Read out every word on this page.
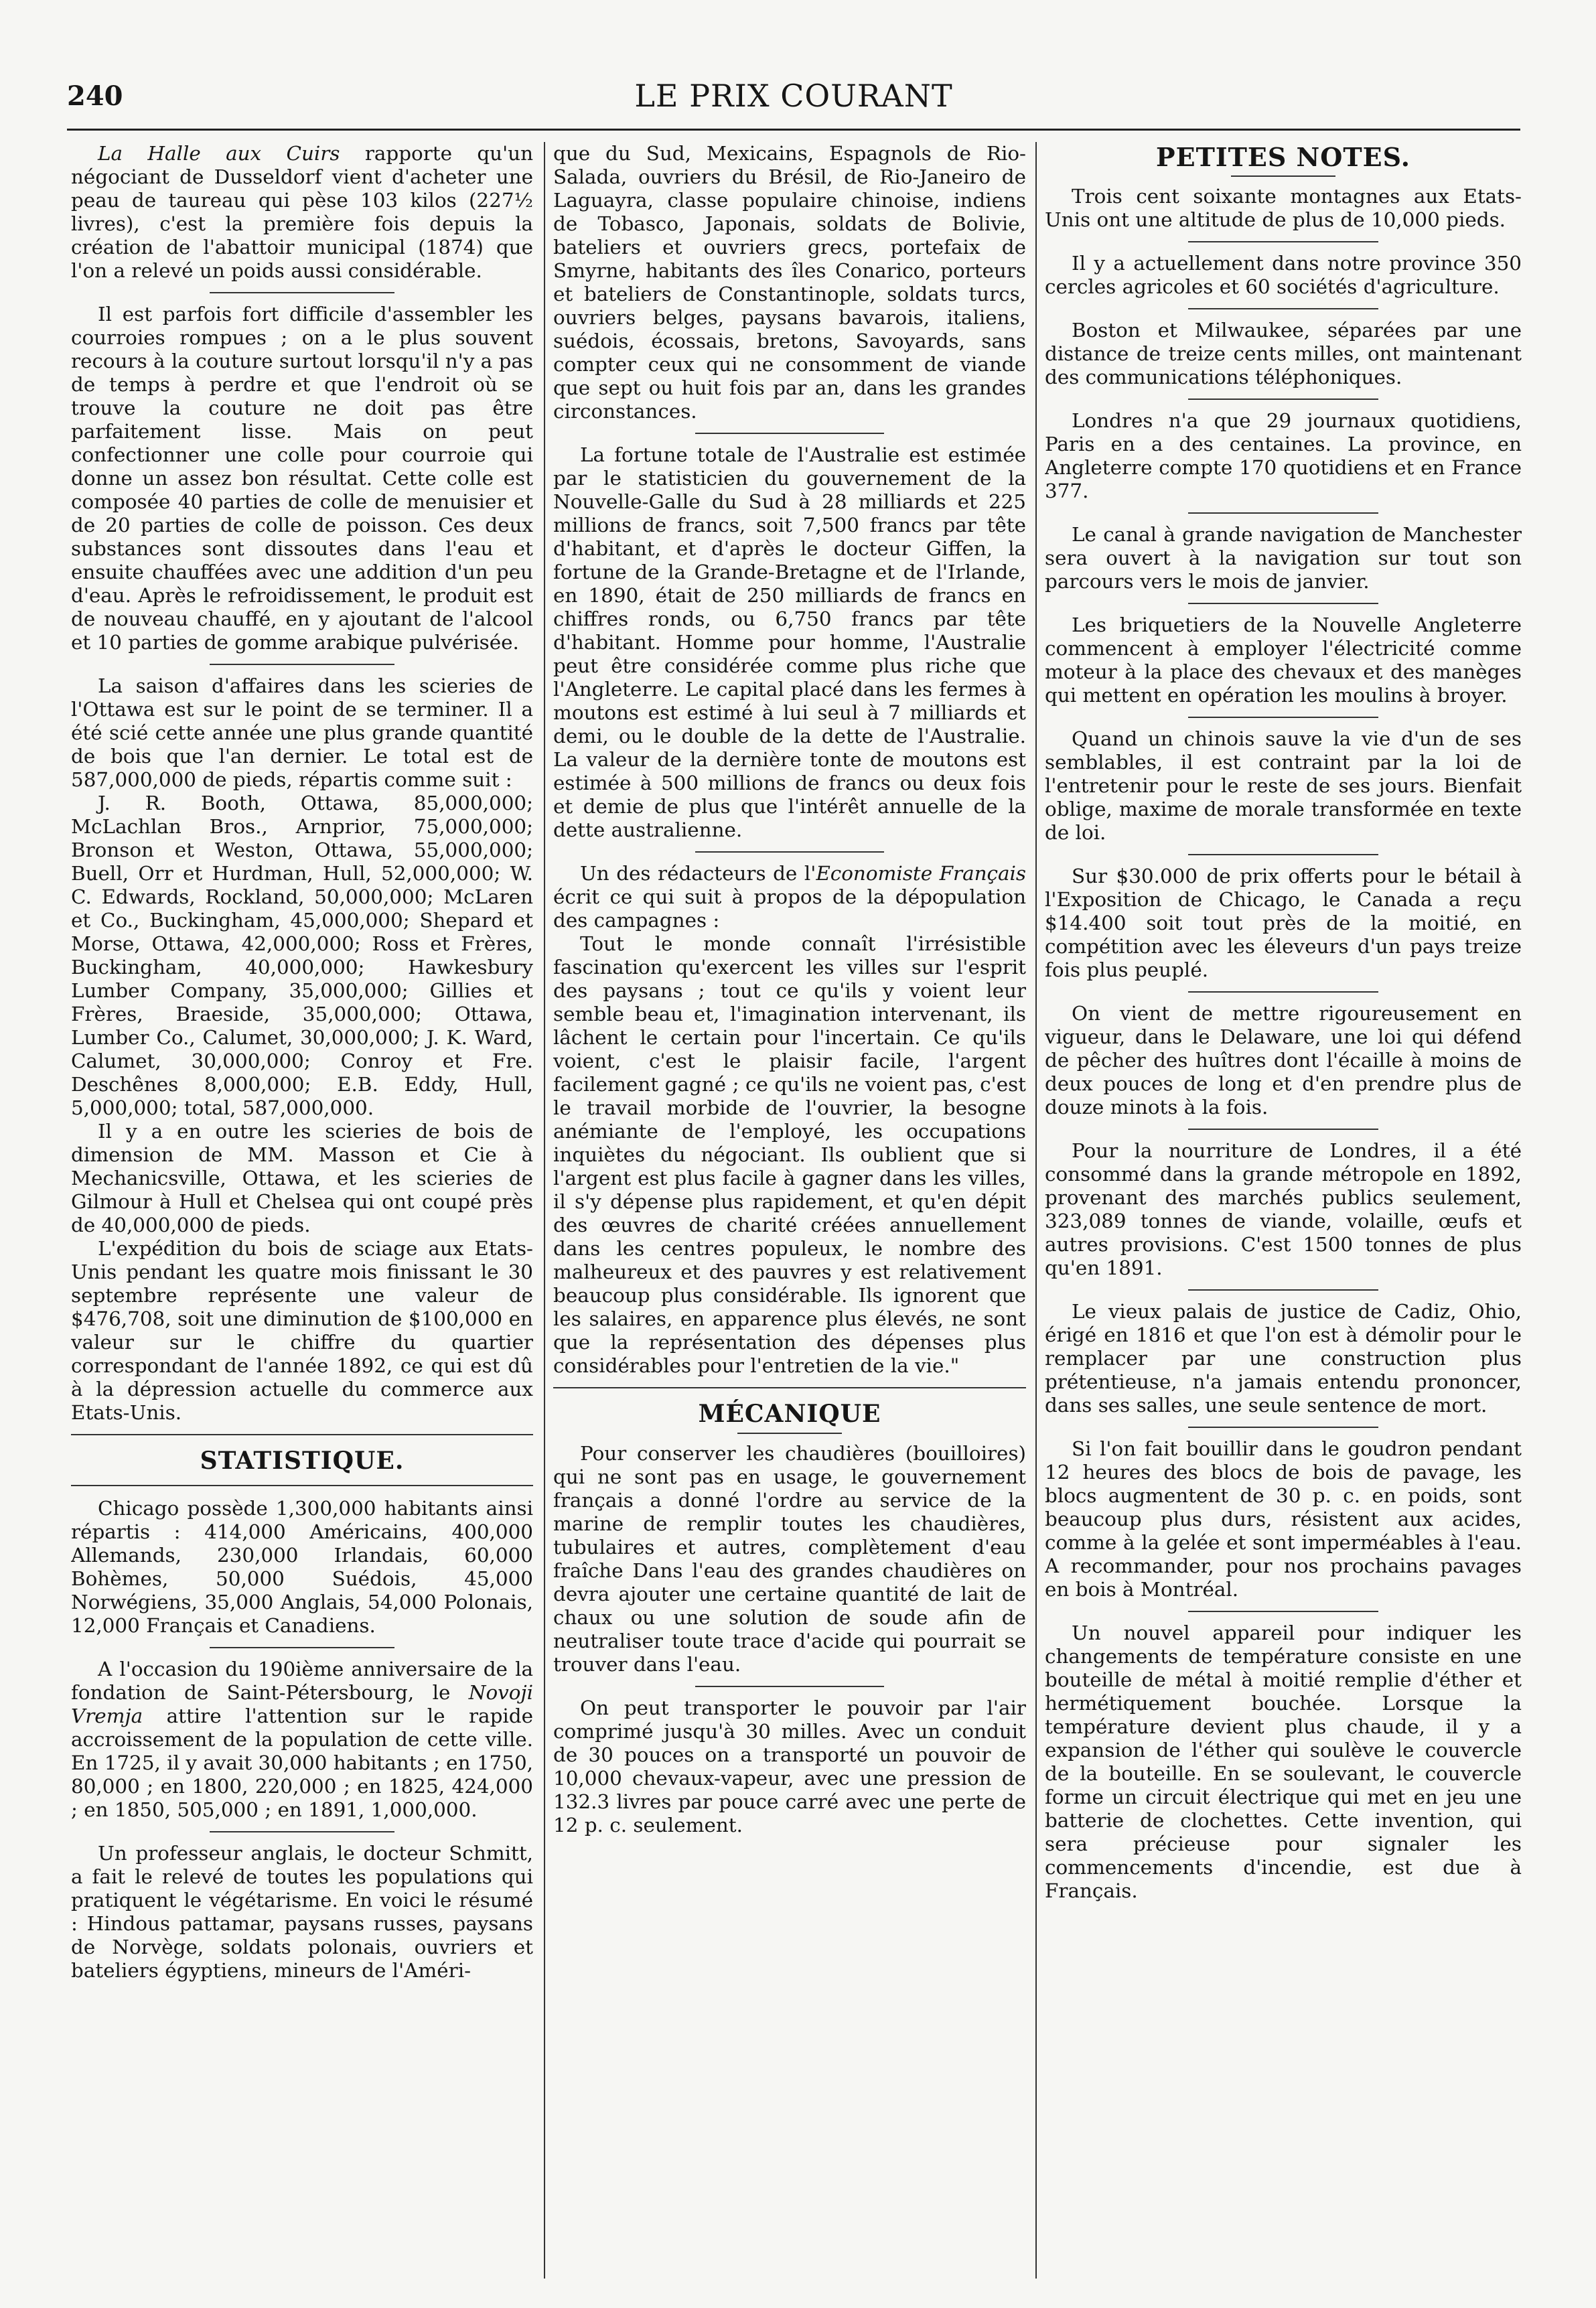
240	LE PRIX COURANT

La Halle aux Cuirs rapporte qu'un négociant de Dusseldorf vient d'acheter une peau de taureau qui pèse 103 kilos (227½ livres), c'est la première fois depuis la création de l'abattoir municipal (1874) que l'on a relevé un poids aussi considérable.

Il est parfois fort difficile d'assembler les courroies rompues ; on a le plus souvent recours à la couture surtout lorsqu'il n'y a pas de temps à perdre et que l'endroit où se trouve la couture ne doit pas être parfaitement lisse. Mais on peut confectionner une colle pour courroie qui donne un assez bon résultat. Cette colle est composée 40 parties de colle de menuisier et de 20 parties de colle de poisson. Ces deux substances sont dissoutes dans l'eau et ensuite chauffées avec une addition d'un peu d'eau. Après le refroidissement, le produit est de nouveau chauffé, en y ajoutant de l'alcool et 10 parties de gomme arabique pulvérisée.

La saison d'affaires dans les scieries de l'Ottawa est sur le point de se terminer. Il a été scié cette année une plus grande quantité de bois que l'an dernier. Le total est de 587,000,000 de pieds, répartis comme suit :

J. R. Booth, Ottawa, 85,000,000; McLachlan Bros., Arnprior, 75,000,000; Bronson et Weston, Ottawa, 55,000,000; Buell, Orr et Hurdman, Hull, 52,000,000; W. C. Edwards, Rockland, 50,000,000; McLaren et Co., Buckingham, 45,000,000; Shepard et Morse, Ottawa, 42,000,000; Ross et Frères, Buckingham, 40,000,000; Hawkesbury Lumber Company, 35,000,000; Gillies et Frères, Braeside, 35,000,000; Ottawa, Lumber Co., Calumet, 30,000,000; J. K. Ward, Calumet, 30,000,000; Conroy et Fre. Deschênes 8,000,000; E.B. Eddy, Hull, 5,000,000; total, 587,000,000.

Il y a en outre les scieries de bois de dimension de MM. Masson et Cie à Mechanicsville, Ottawa, et les scieries de Gilmour à Hull et Chelsea qui ont coupé près de 40,000,000 de pieds.

L'expédition du bois de sciage aux Etats-Unis pendant les quatre mois finissant le 30 septembre représente une valeur de $476,708, soit une diminution de $100,000 en valeur sur le chiffre du quartier correspondant de l'année 1892, ce qui est dû à la dépression actuelle du commerce aux Etats-Unis.

STATISTIQUE.

Chicago possède 1,300,000 habitants ainsi répartis : 414,000 Américains, 400,000 Allemands, 230,000 Irlandais, 60,000 Bohèmes, 50,000 Suédois, 45,000 Norwégiens, 35,000 Anglais, 54,000 Polonais, 12,000 Français et Canadiens.

A l'occasion du 190ième anniversaire de la fondation de Saint-Pétersbourg, le Novoji Vremja attire l'attention sur le rapide accroissement de la population de cette ville. En 1725, il y avait 30,000 habitants ; en 1750, 80,000 ; en 1800, 220,000 ; en 1825, 424,000 ; en 1850, 505,000 ; en 1891, 1,000,000.

Un professeur anglais, le docteur Schmitt, a fait le relevé de toutes les populations qui pratiquent le végétarisme. En voici le résumé : Hindous pattamar, paysans russes, paysans de Norvège, soldats polonais, ouvriers et bateliers égyptiens, mineurs de l'Améri-

que du Sud, Mexicains, Espagnols de Rio-Salada, ouvriers du Brésil, de Rio-Janeiro de Laguayra, classe populaire chinoise, indiens de Tobasco, Japonais, soldats de Bolivie, bateliers et ouvriers grecs, portefaix de Smyrne, habitants des îles Conarico, porteurs et bateliers de Constantinople, soldats turcs, ouvriers belges, paysans bavarois, italiens, suédois, écossais, bretons, Savoyards, sans compter ceux qui ne consomment de viande que sept ou huit fois par an, dans les grandes circonstances.

La fortune totale de l'Australie est estimée par le statisticien du gouvernement de la Nouvelle-Galle du Sud à 28 milliards et 225 millions de francs, soit 7,500 francs par tête d'habitant, et d'après le docteur Giffen, la fortune de la Grande-Bretagne et de l'Irlande, en 1890, était de 250 milliards de francs en chiffres ronds, ou 6,750 francs par tête d'habitant. Homme pour homme, l'Australie peut être considérée comme plus riche que l'Angleterre. Le capital placé dans les fermes à moutons est estimé à lui seul à 7 milliards et demi, ou le double de la dette de l'Australie. La valeur de la dernière tonte de moutons est estimée à 500 millions de francs ou deux fois et demie de plus que l'intérêt annuelle de la dette australienne.

Un des rédacteurs de l'Economiste Français écrit ce qui suit à propos de la dépopulation des campagnes :

Tout le monde connaît l'irrésistible fascination qu'exercent les villes sur l'esprit des paysans ; tout ce qu'ils y voient leur semble beau et, l'imagination intervenant, ils lâchent le certain pour l'incertain. Ce qu'ils voient, c'est le plaisir facile, l'argent facilement gagné ; ce qu'ils ne voient pas, c'est le travail morbide de l'ouvrier, la besogne anémiante de l'employé, les occupations inquiètes du négociant. Ils oublient que si l'argent est plus facile à gagner dans les villes, il s'y dépense plus rapidement, et qu'en dépit des œuvres de charité créées annuellement dans les centres populeux, le nombre des malheureux et des pauvres y est relativement beaucoup plus considérable. Ils ignorent que les salaires, en apparence plus élevés, ne sont que la représentation des dépenses plus considérables pour l'entretien de la vie."

MÉCANIQUE

Pour conserver les chaudières (bouilloires) qui ne sont pas en usage, le gouvernement français a donné l'ordre au service de la marine de remplir toutes les chaudières, tubulaires et autres, complètement d'eau fraîche Dans l'eau des grandes chaudières on devra ajouter une certaine quantité de lait de chaux ou une solution de soude afin de neutraliser toute trace d'acide qui pourrait se trouver dans l'eau.

On peut transporter le pouvoir par l'air comprimé jusqu'à 30 milles. Avec un conduit de 30 pouces on a transporté un pouvoir de 10,000 chevaux-vapeur, avec une pression de 132.3 livres par pouce carré avec une perte de 12 p. c. seulement.

PETITES NOTES.

Trois cent soixante montagnes aux Etats-Unis ont une altitude de plus de 10,000 pieds.

Il y a actuellement dans notre province 350 cercles agricoles et 60 sociétés d'agriculture.

Boston et Milwaukee, séparées par une distance de treize cents milles, ont maintenant des communications téléphoniques.

Londres n'a que 29 journaux quotidiens, Paris en a des centaines. La province, en Angleterre compte 170 quotidiens et en France 377.

Le canal à grande navigation de Manchester sera ouvert à la navigation sur tout son parcours vers le mois de janvier.

Les briquetiers de la Nouvelle Angleterre commencent à employer l'électricité comme moteur à la place des chevaux et des manèges qui mettent en opération les moulins à broyer.

Quand un chinois sauve la vie d'un de ses semblables, il est contraint par la loi de l'entretenir pour le reste de ses jours. Bienfait oblige, maxime de morale transformée en texte de loi.

Sur $30.000 de prix offerts pour le bétail à l'Exposition de Chicago, le Canada a reçu $14.400 soit tout près de la moitié, en compétition avec les éleveurs d'un pays treize fois plus peuplé.

On vient de mettre rigoureusement en vigueur, dans le Delaware, une loi qui défend de pêcher des huîtres dont l'écaille à moins de deux pouces de long et d'en prendre plus de douze minots à la fois.

Pour la nourriture de Londres, il a été consommé dans la grande métropole en 1892, provenant des marchés publics seulement, 323,089 tonnes de viande, volaille, œufs et autres provisions. C'est 1500 tonnes de plus qu'en 1891.

Le vieux palais de justice de Cadiz, Ohio, érigé en 1816 et que l'on est à démolir pour le remplacer par une construction plus prétentieuse, n'a jamais entendu prononcer, dans ses salles, une seule sentence de mort.

Si l'on fait bouillir dans le goudron pendant 12 heures des blocs de bois de pavage, les blocs augmentent de 30 p. c. en poids, sont beaucoup plus durs, résistent aux acides, comme à la gelée et sont imperméables à l'eau. A recommander, pour nos prochains pavages en bois à Montréal.

Un nouvel appareil pour indiquer les changements de température consiste en une bouteille de métal à moitié remplie d'éther et hermétiquement bouchée. Lorsque la température devient plus chaude, il y a expansion de l'éther qui soulève le couvercle de la bouteille. En se soulevant, le couvercle forme un circuit électrique qui met en jeu une batterie de clochettes. Cette invention, qui sera précieuse pour signaler les commencements d'incendie, est due à Français.
